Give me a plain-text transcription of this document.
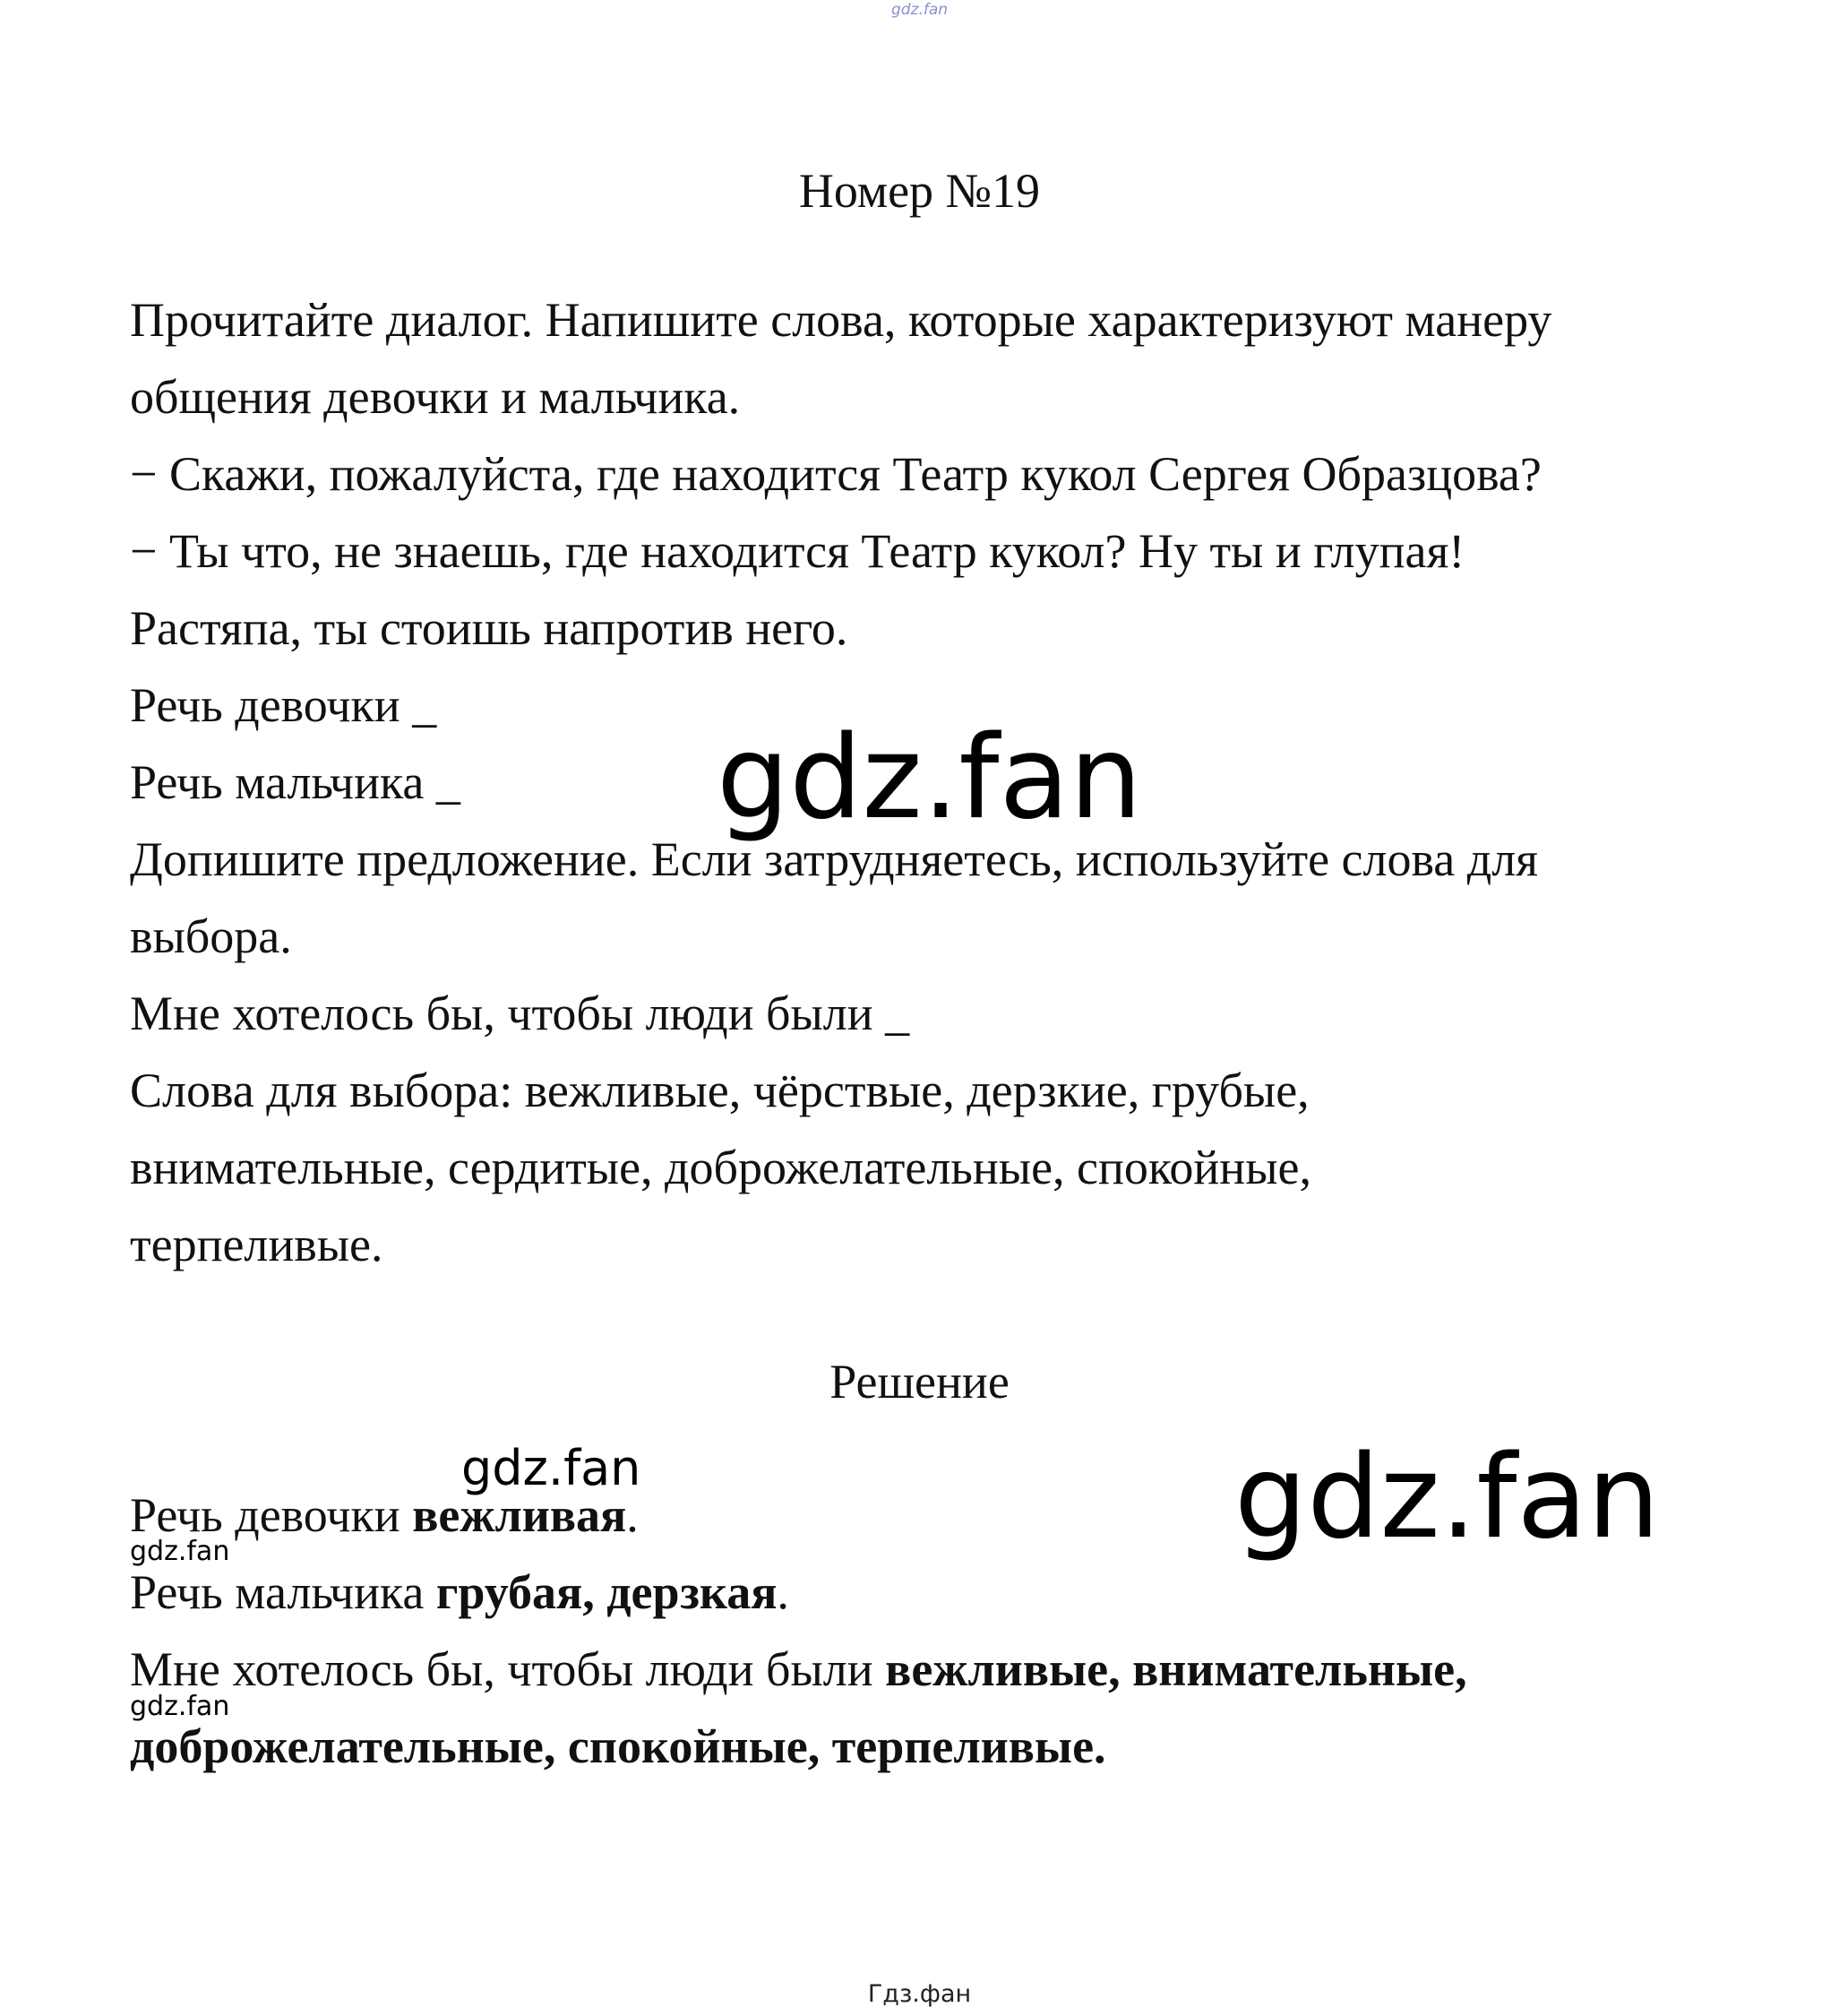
gdz.fan
Номер №19
Прочитайте диалог. Напишите слова, которые характеризуют манеру
общения девочки и мальчика.
− Скажи, пожалуйста, где находится Театр кукол Сергея Образцова?
− Ты что, не знаешь, где находится Театр кукол? Ну ты и глупая!
Растяпа, ты стоишь напротив него.
Речь девочки _
Речь мальчика _
Допишите предложение. Если затрудняетесь, используйте слова для
выбора.
Мне хотелось бы, чтобы люди были _
Слова для выбора: вежливые, чёрствые, дерзкие, грубые,
внимательные, сердитые, доброжелательные, спокойные,
терпеливые.
gdz.fan
Решение
gdz.fan	gdz.fan
gdz.fan
gdz.fan
Речь девочки вежливая.
Речь мальчика грубая, дерзкая.
Мне хотелось бы, чтобы люди были вежливые, внимательные,
доброжелательные, спокойные, терпеливые.
Гдз.фан
